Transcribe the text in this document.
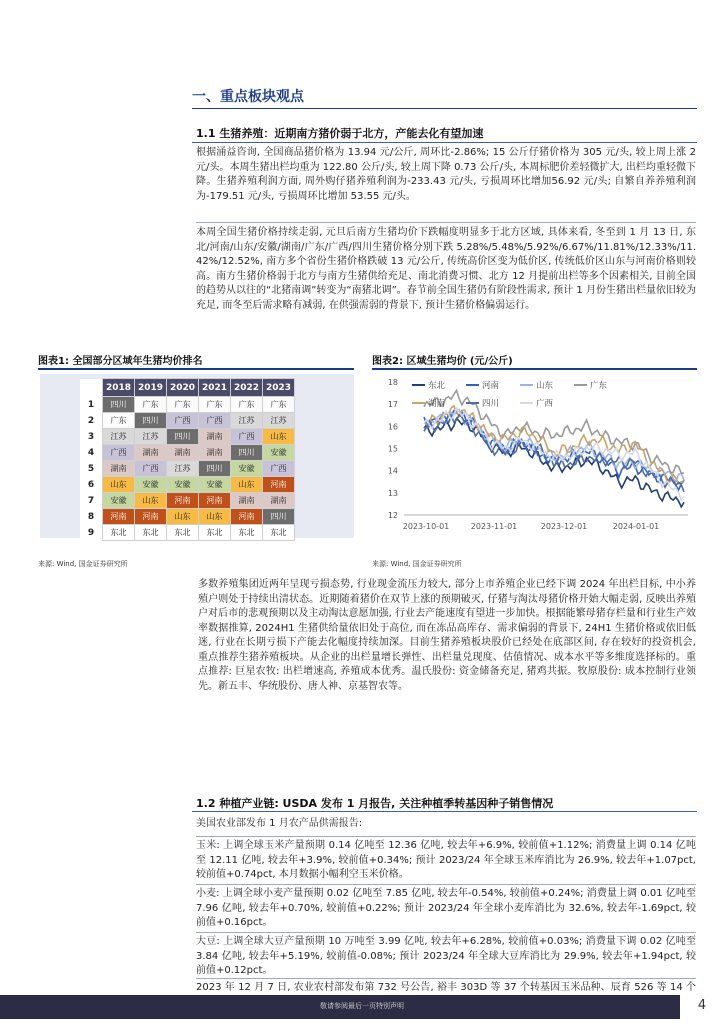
一、重点板块观点
1.1 生猪养殖：近期南方猪价弱于北方，产能去化有望加速
根据涌益咨询, 全国商品猪价格为 13.94 元/公斤, 周环比-2.86%; 15 公斤仔猪价格为 305 元/头, 较上周上涨 2 元/头。本周生猪出栏均重为 122.80 公斤/头, 较上周下降 0.73 公斤/头, 本周标肥价差轻微扩大, 出栏均重轻微下降。生猪养殖利润方面, 周外购仔猪养殖利润为-233.43 元/头, 亏损周环比增加56.92 元/头; 自繁自养养殖利润为-179.51 元/头, 亏损周环比增加 53.55 元/头。
本周全国生猪价格持续走弱, 元旦后南方生猪均价下跌幅度明显多于北方区域, 具体来看, 冬至到 1 月 13 日, 东北/河南/山东/安徽/湖南/广东/广西/四川生猪价格分别下跌 5.28%/5.48%/5.92%/6.67%/11.81%/12.33%/11.42%/12.52%, 南方多个省份生猪价格跌破 13 元/公斤, 传统高价区变为低价区, 传统低价区山东与河南价格则较高。南方生猪价格弱于北方与南方生猪供给充足、南北消费习惯、北方 12 月提前出栏等多个因素相关, 目前全国的趋势从以往的“北猪南调”转变为“南猪北调”。春节前全国生猪仍有阶段性需求, 预计 1 月份生猪出栏量依旧较为充足, 而冬至后需求略有减弱, 在供强需弱的背景下, 预计生猪价格偏弱运行。
图表1: 全国部分区域年生猪均价排名
	2018	2019	2020	2021	2022	2023
1	四川	广东	广东	广东	广东	广东
2	广东	四川	广西	广西	江苏	江苏
3	江苏	江苏	四川	湖南	广西	山东
4	广西	湖南	湖南	湖南	四川	安徽
5	湖南	广西	江苏	四川	安徽	广西
6	山东	安徽	安徽	安徽	山东	河南
7	安徽	山东	河南	河南	湖南	湖南
8	河南	河南	山东	山东	河南	四川
9	东北	东北	东北	东北	东北	东北
来源: Wind, 国金证券研究所
图表2: 区域生猪均价 (元/公斤)
18
17
16
15
14
13
12
2023-10-01	2023-11-01	2023-12-01	2024-01-01
东北	河南	山东	广东
湖南	四川	广西
来源: Wind, 国金证券研究所
多数养殖集团近两年呈现亏损态势, 行业现金流压力较大, 部分上市养殖企业已经下调 2024 年出栏目标, 中小养殖户则处于持续出清状态。近期随着猪价在双节上涨的预期破灭, 仔猪与淘汰母猪价格开始大幅走弱, 反映出养殖户对后市的悲观预期以及主动淘汰意愿加强, 行业去产能速度有望进一步加快。根据能繁母猪存栏量和行业生产效率数据推算, 2024H1 生猪供给量依旧处于高位, 而在冻品高库存、需求偏弱的背景下, 24H1 生猪价格或依旧低迷, 行业在长期亏损下产能去化幅度持续加深。目前生猪养殖板块股价已经处在底部区间, 存在较好的投资机会, 重点推荐生猪养殖板块。从企业的出栏量增长弹性、出栏量兑现度、估值情况、成本水平等多维度选择标的。重点推荐: 巨星农牧: 出栏增速高, 养殖成本优秀。温氏股份: 资金储备充足, 猪鸡共振。牧原股份: 成本控制行业领先。新五丰、华统股份、唐人神、京基智农等。
1.2 种植产业链: USDA 发布 1 月报告, 关注种植季转基因种子销售情况
美国农业部发布 1 月农产品供需报告:
玉米: 上调全球玉米产量预期 0.14 亿吨至 12.36 亿吨, 较去年+6.9%, 较前值+1.12%; 消费量上调 0.14 亿吨至 12.11 亿吨, 较去年+3.9%, 较前值+0.34%; 预计 2023/24 年全球玉米库消比为 26.9%, 较去年+1.07pct, 较前值+0.74pct, 本月数据小幅利空玉米价格。
小麦: 上调全球小麦产量预期 0.02 亿吨至 7.85 亿吨, 较去年-0.54%, 较前值+0.24%; 消费量上调 0.01 亿吨至 7.96 亿吨, 较去年+0.70%, 较前值+0.22%; 预计 2023/24 年全球小麦库消比为 32.6%, 较去年-1.69pct, 较前值+0.16pct。
大豆: 上调全球大豆产量预期 10 万吨至 3.99 亿吨, 较去年+6.28%, 较前值+0.03%; 消费量下调 0.02 亿吨至 3.84 亿吨, 较去年+5.19%, 较前值-0.08%; 预计 2023/24 年全球大豆库消比为 29.9%, 较去年+1.94pct, 较前值+0.12pct。
2023 年 12 月 7 日, 农业农村部发布第 732 号公告, 裕丰 303D 等 37 个转基因玉米品种、辰育 526 等 14 个
敬请参阅最后一页特别声明	4
